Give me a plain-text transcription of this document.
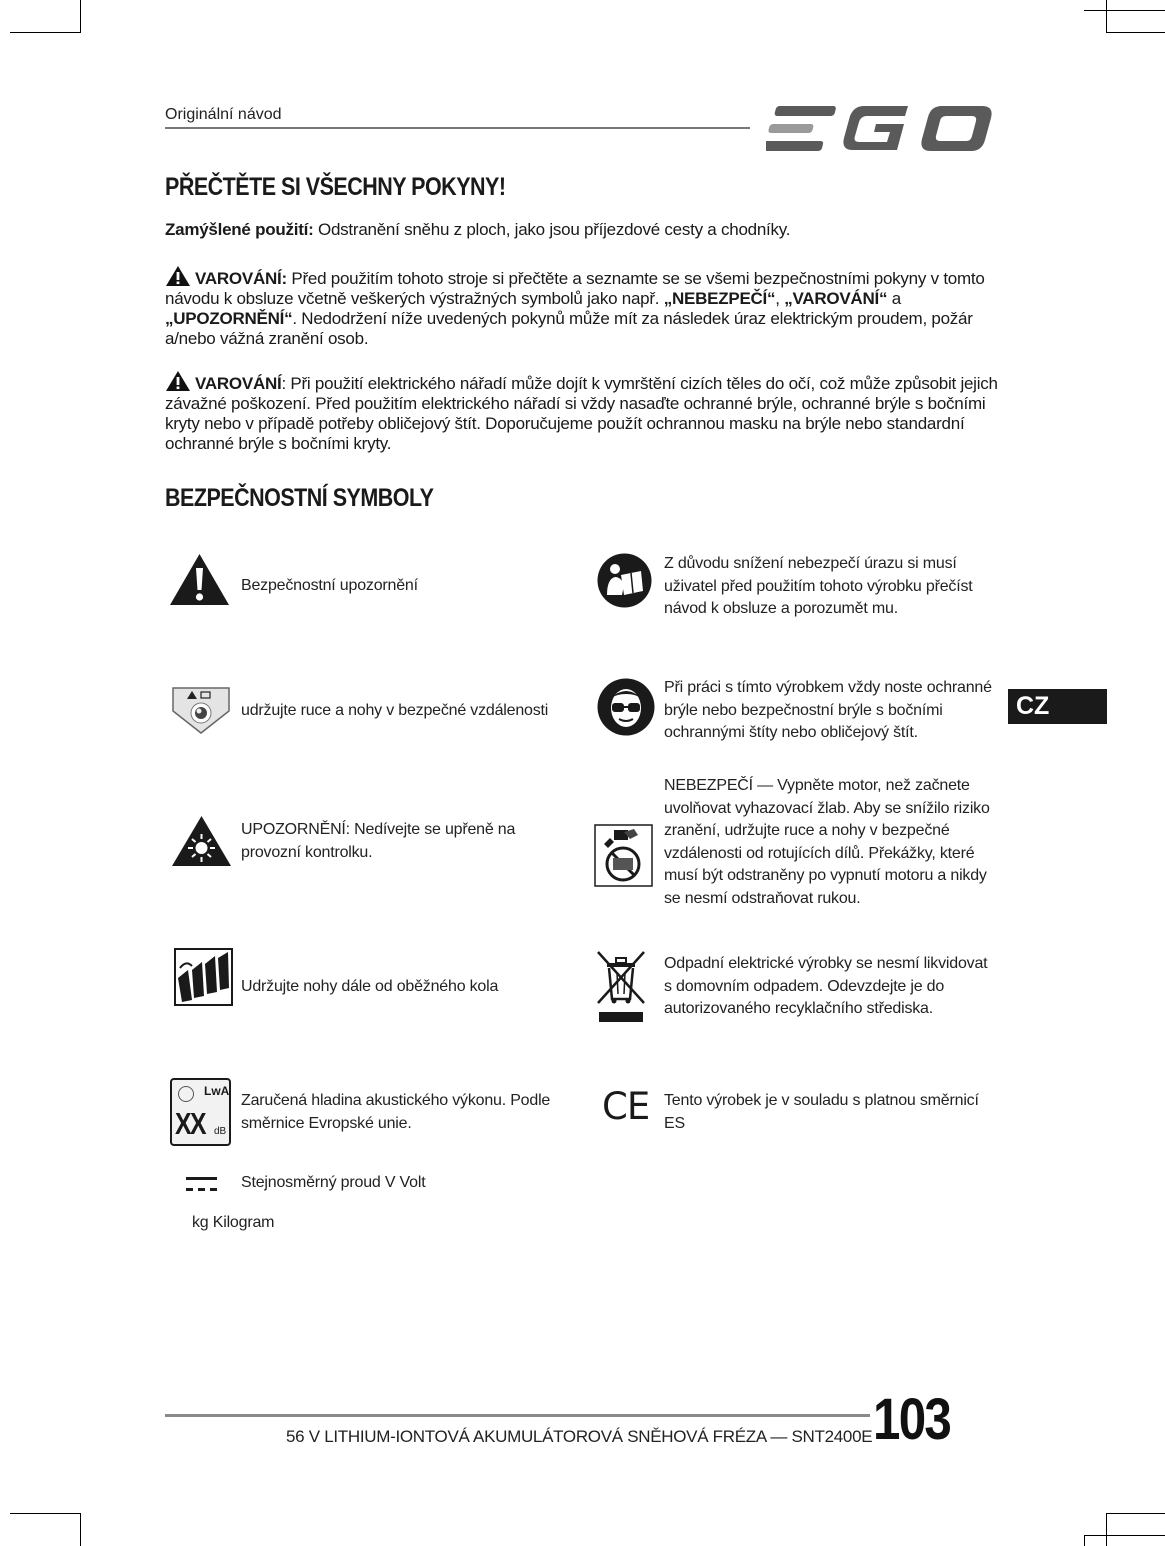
Originální návod
PŘEČTĚTE SI VŠECHNY POKYNY!
Zamýšlené použití: Odstranění sněhu z ploch, jako jsou příjezdové cesty a chodníky.
VAROVÁNÍ: Před použitím tohoto stroje si přečtěte a seznamte se se všemi bezpečnostními pokyny v tomto návodu k obsluze včetně veškerých výstražných symbolů jako např. „NEBEZPEČÍ“, „VAROVÁNÍ“ a „UPOZORNĚNÍ“. Nedodržení níže uvedených pokynů může mít za následek úraz elektrickým proudem, požár a/nebo vážná zranění osob.
VAROVÁNÍ: Při použití elektrického nářadí může dojít k vymrštění cizích těles do očí, což může způsobit jejich závažné poškození. Před použitím elektrického nářadí si vždy nasaďte ochranné brýle, ochranné brýle s bočními kryty nebo v případě potřeby obličejový štít. Doporučujeme použít ochrannou masku na brýle nebo standardní ochranné brýle s bočními kryty.
BEZPEČNOSTNÍ SYMBOLY
Bezpečnostní upozornění
udržujte ruce a nohy v bezpečné vzdálenosti
UPOZORNĚNÍ: Nedívejte se upřeně na provozní kontrolku.
Udržujte nohy dále od oběžného kola
LwA
XX dB
Zaručená hladina akustického výkonu. Podle směrnice Evropské unie.
Stejnosměrný proud V Volt
kg Kilogram
Z důvodu snížení nebezpečí úrazu si musí uživatel před použitím tohoto výrobku přečíst návod k obsluze a porozumět mu.
Při práci s tímto výrobkem vždy noste ochranné brýle nebo bezpečnostní brýle s bočními ochrannými štíty nebo obličejový štít.
NEBEZPEČÍ — Vypněte motor, než začnete uvolňovat vyhazovací žlab. Aby se snížilo riziko zranění, udržujte ruce a nohy v bezpečné vzdálenosti od rotujících dílů. Překážky, které musí být odstraněny po vypnutí motoru a nikdy se nesmí odstraňovat rukou.
Odpadní elektrické výrobky se nesmí likvidovat s domovním odpadem. Odevzdejte je do autorizovaného recyklačního střediska.
CE Tento výrobek je v souladu s platnou směrnicí ES
CZ
56 V LITHIUM-IONTOVÁ AKUMULÁTOROVÁ SNĚHOVÁ FRÉZA — SNT2400E 103
